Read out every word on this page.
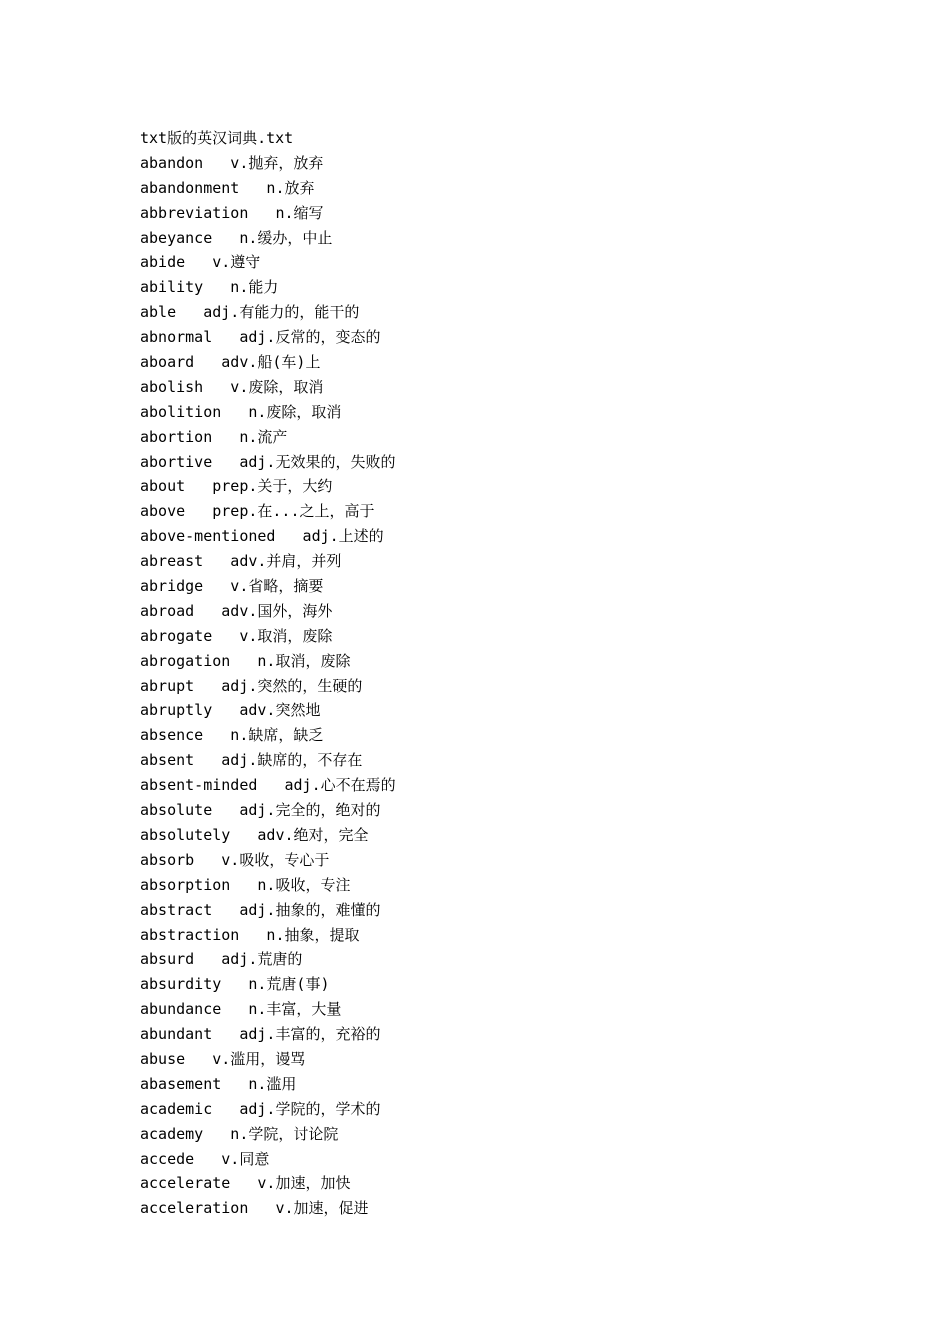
txt版的英汉词典.txt
abandon   v.抛弃，放弃
abandonment   n.放弃
abbreviation   n.缩写
abeyance   n.缓办，中止
abide   v.遵守
ability   n.能力
able   adj.有能力的，能干的
abnormal   adj.反常的，变态的
aboard   adv.船(车)上
abolish   v.废除，取消
abolition   n.废除，取消
abortion   n.流产
abortive   adj.无效果的，失败的
about   prep.关于，大约
above   prep.在...之上，高于
above-mentioned   adj.上述的
abreast   adv.并肩，并列
abridge   v.省略，摘要
abroad   adv.国外，海外
abrogate   v.取消，废除
abrogation   n.取消，废除
abrupt   adj.突然的，生硬的
abruptly   adv.突然地
absence   n.缺席，缺乏
absent   adj.缺席的，不存在
absent-minded   adj.心不在焉的
absolute   adj.完全的，绝对的
absolutely   adv.绝对，完全
absorb   v.吸收，专心于
absorption   n.吸收，专注
abstract   adj.抽象的，难懂的
abstraction   n.抽象，提取
absurd   adj.荒唐的
absurdity   n.荒唐(事)
abundance   n.丰富，大量
abundant   adj.丰富的，充裕的
abuse   v.滥用，谩骂
abasement   n.滥用
academic   adj.学院的，学术的
academy   n.学院，讨论院
accede   v.同意
accelerate   v.加速，加快
acceleration   v.加速，促进
